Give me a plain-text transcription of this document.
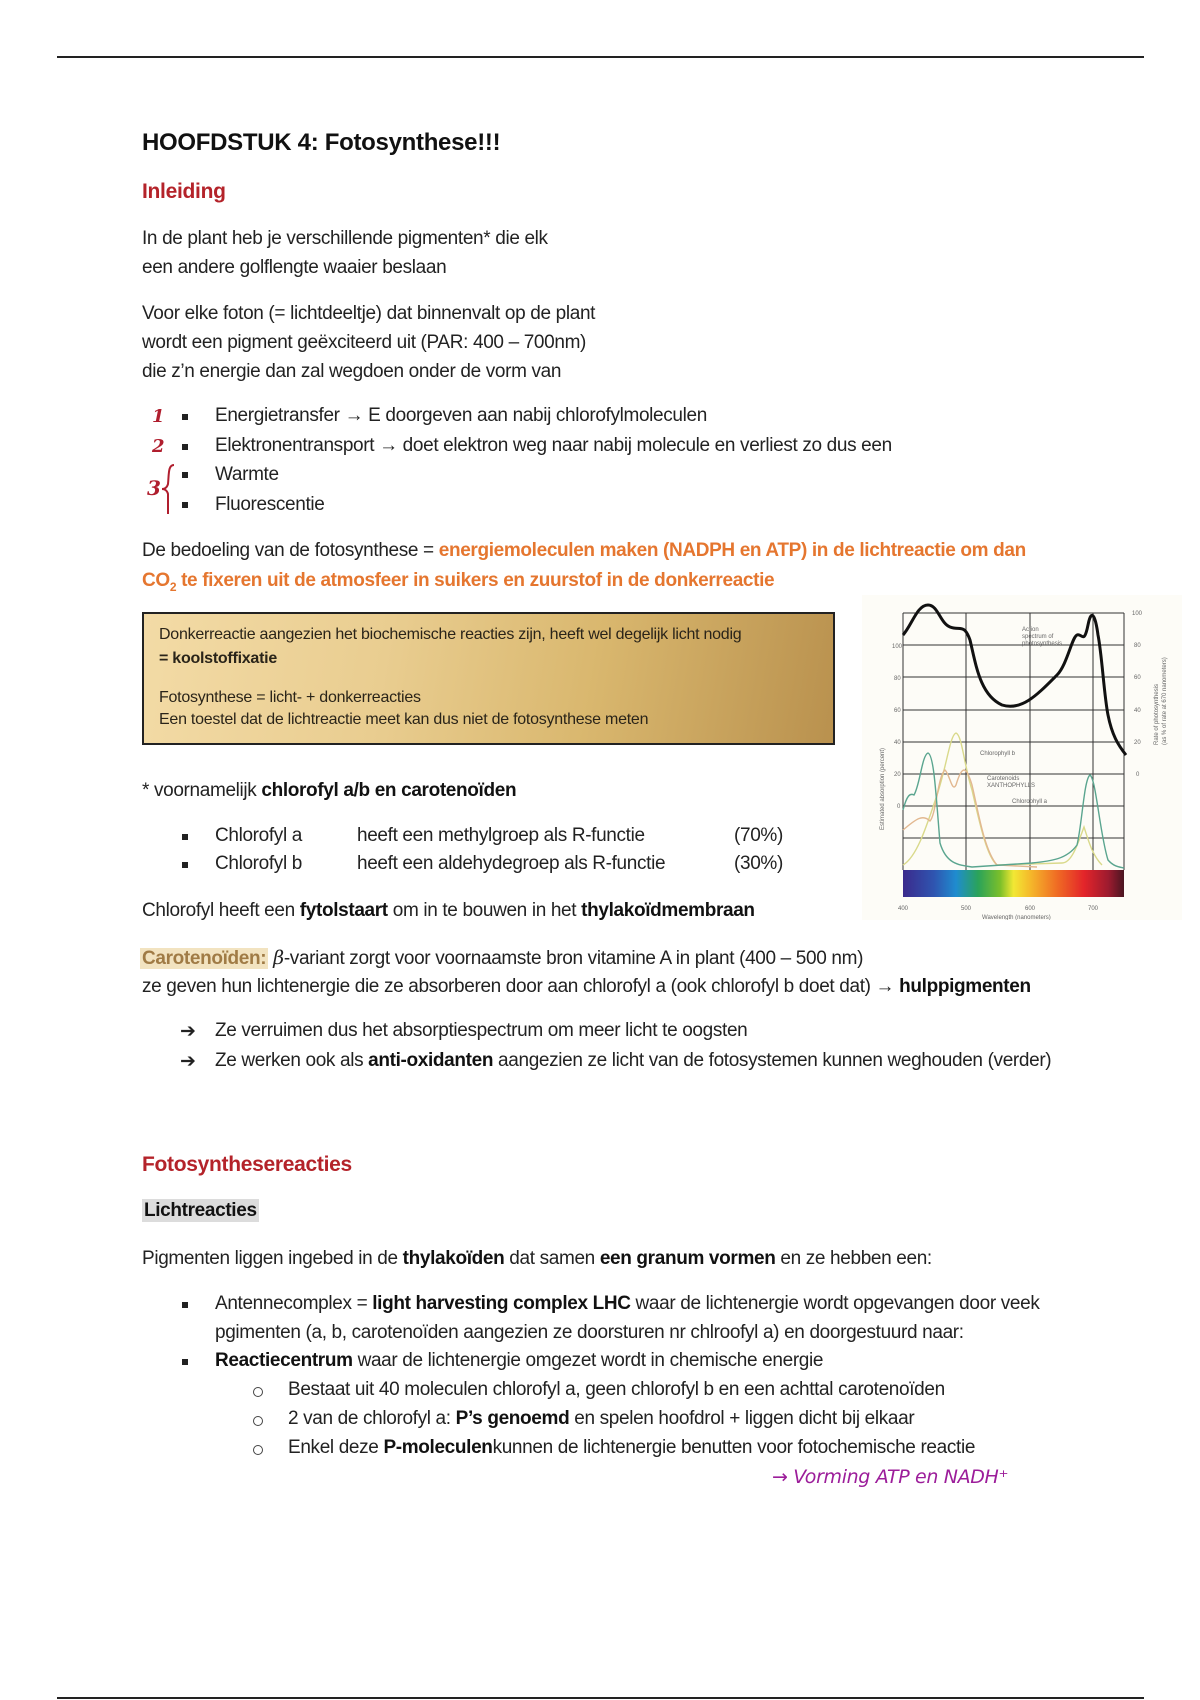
HOOFDSTUK 4: Fotosynthese!!!
Inleiding
In de plant heb je verschillende pigmenten* die elk
een andere golflengte waaier beslaan
Voor elke foton (= lichtdeeltje) dat binnenvalt op de plant
wordt een pigment geëxciteerd uit (PAR: 400 – 700nm)
die z’n energie dan zal wegdoen onder de vorm van
1	Energietransfer → E doorgeven aan nabij chlorofylmoleculen
2	Elektronentransport → doet elektron weg naar nabij molecule en verliest zo dus een
3
Warmte
Fluorescentie
De bedoeling van de fotosynthese = energiemoleculen maken (NADPH en ATP) in de lichtreactie om dan
$CO_2$ te fixeren uit de atmosfeer in suikers en zuurstof in de donkerreactie
Donkerreactie aangezien het biochemische reacties zijn, heeft wel degelijk licht nodig
= koolstoffixatie
Fotosynthese = licht- + donkerreacties
Een toestel dat de lichtreactie meet kan dus niet de fotosynthese meten
100
80
60
40
20
0
100
80
60
40
20
0
400	500	600	700
Wavelength (nanometers)
Action
spectrum of
photosynthesis
Chlorophyll b
Carotenoids
XANTHOPHYLLS
Chlorophyll a
Estimated absorption (percent)
Rate of photosynthesis (as % of rate at 670 nanometers)
* voornamelijk chlorofyl a/b en carotenoïden
Chlorofyl a	heeft een methylgroep als R-functie	(70%)
Chlorofyl b	heeft een aldehydegroep als R-functie	(30%)
Chlorofyl heeft een fytolstaart om in te bouwen in het thylakoïdmembraan
Carotenoïden: β-variant zorgt voor voornaamste bron vitamine A in plant (400 – 500 nm)
ze geven hun lichtenergie die ze absorberen door aan chlorofyl a (ook chlorofyl b doet dat) → hulppigmenten
➔ Ze verruimen dus het absorptiespectrum om meer licht te oogsten
➔ Ze werken ook als anti-oxidanten aangezien ze licht van de fotosystemen kunnen weghouden (verder)
Fotosynthesereacties
Lichtreacties
Pigmenten liggen ingebed in de thylakoïden dat samen een granum vormen en ze hebben een:
Antennecomplex = light harvesting complex LHC waar de lichtenergie wordt opgevangen door veek
pgimenten (a, b, carotenoïden aangezien ze doorsturen nr chlroofyl a) en doorgestuurd naar:
Reactiecentrum waar de lichtenergie omgezet wordt in chemische energie
Bestaat uit 40 moleculen chlorofyl a, geen chlorofyl b en een achttal carotenoïden
2 van de chlorofyl a: P’s genoemd en spelen hoofdrol + liggen dicht bij elkaar
Enkel deze P-moleculenkunnen de lichtenergie benutten voor fotochemische reactie
→ Vorming ATP en NADH⁺
